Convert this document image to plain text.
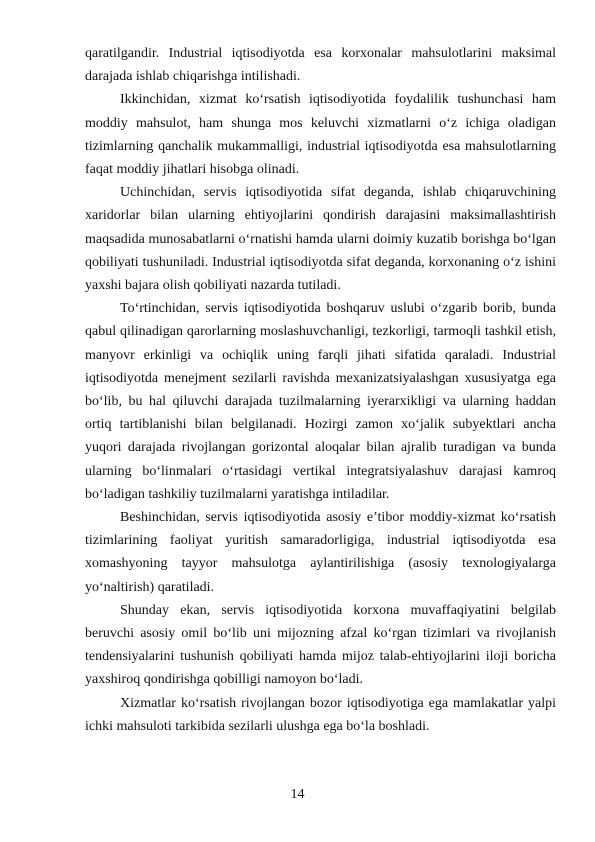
qaratilgandir. Industrial iqtisodiyotda esa korxonalar mahsulotlarini maksimal darajada ishlab chiqarishga intilishadi.

Ikkinchidan, xizmat ko‘rsatish iqtisodiyotida foydalilik tushunchasi ham moddiy mahsulot, ham shunga mos keluvchi xizmatlarni o‘z ichiga oladigan tizimlarning qanchalik mukammalligi, industrial iqtisodiyotda esa mahsulotlarning faqat moddiy jihatlari hisobga olinadi.

Uchinchidan, servis iqtisodiyotida sifat deganda, ishlab chiqaruvchining xaridorlar bilan ularning ehtiyojlarini qondirish darajasini maksimallashtirish maqsadida munosabatlarni o‘rnatishi hamda ularni doimiy kuzatib borishga bo‘lgan qobiliyati tushuniladi. Industrial iqtisodiyotda sifat deganda, korxonaning o‘z ishini yaxshi bajara olish qobiliyati nazarda tutiladi.

To‘rtinchidan, servis iqtisodiyotida boshqaruv uslubi o‘zgarib borib, bunda qabul qilinadigan qarorlarning moslashuvchanligi, tezkorligi, tarmoqli tashkil etish, manyovr erkinligi va ochiqlik uning farqli jihati sifatida qaraladi. Industrial iqtisodiyotda menejment sezilarli ravishda mexanizatsiyalashgan xususiyatga ega bo‘lib, bu hal qiluvchi darajada tuzilmalarning iyerarxikligi va ularning haddan ortiq tartiblanishi bilan belgilanadi. Hozirgi zamon xo‘jalik subyektlari ancha yuqori darajada rivojlangan gorizontal aloqalar bilan ajralib turadigan va bunda ularning bo‘linmalari o‘rtasidagi vertikal integratsiyalashuv darajasi kamroq bo‘ladigan tashkiliy tuzilmalarni yaratishga intiladilar.

Beshinchidan, servis iqtisodiyotida asosiy e’tibor moddiy-xizmat ko‘rsatish tizimlarining faoliyat yuritish samaradorligiga, industrial iqtisodiyotda esa xomashyoning tayyor mahsulotga aylantirilishiga (asosiy texnologiyalarga yo‘naltirish) qaratiladi.

Shunday ekan, servis iqtisodiyotida korxona muvaffaqiyatini belgilab beruvchi asosiy omil bo‘lib uni mijozning afzal ko‘rgan tizimlari va rivojlanish tendensiyalarini tushunish qobiliyati hamda mijoz talab-ehtiyojlarini iloji boricha yaxshiroq qondirishga qobilligi namoyon bo‘ladi.

Xizmatlar ko‘rsatish rivojlangan bozor iqtisodiyotiga ega mamlakatlar yalpi ichki mahsuloti tarkibida sezilarli ulushga ega bo‘la boshladi.

14
